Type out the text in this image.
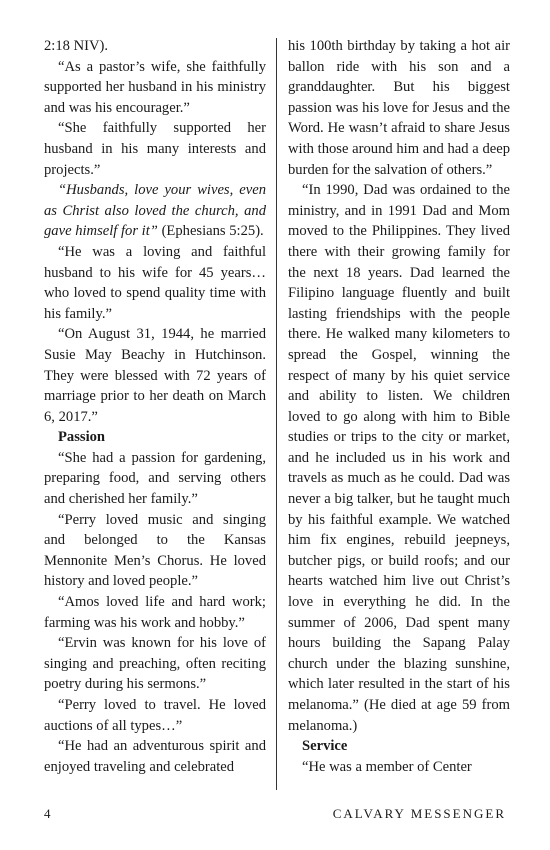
2:18 NIV).

“As a pastor’s wife, she faithfully supported her husband in his ministry and was his encourager.”

“She faithfully supported her husband in his many interests and projects.”

“Husbands, love your wives, even as Christ also loved the church, and gave himself for it” (Ephesians 5:25).

“He was a loving and faithful husband to his wife for 45 years… who loved to spend quality time with his family.”

“On August 31, 1944, he married Susie May Beachy in Hutchinson. They were blessed with 72 years of marriage prior to her death on March 6, 2017.”

Passion

“She had a passion for gardening, preparing food, and serving others and cherished her family.”

“Perry loved music and singing and belonged to the Kansas Mennonite Men’s Chorus. He loved history and loved people.”

“Amos loved life and hard work; farming was his work and hobby.”

“Ervin was known for his love of singing and preaching, often reciting poetry during his sermons.”

“Perry loved to travel. He loved auctions of all types…”

“He had an adventurous spirit and enjoyed traveling and celebrated

his 100th birthday by taking a hot air ballon ride with his son and a granddaughter. But his biggest passion was his love for Jesus and the Word. He wasn’t afraid to share Jesus with those around him and had a deep burden for the salvation of others.”

“In 1990, Dad was ordained to the ministry, and in 1991 Dad and Mom moved to the Philippines. They lived there with their growing family for the next 18 years. Dad learned the Filipino language fluently and built lasting friendships with the people there. He walked many kilometers to spread the Gospel, winning the respect of many by his quiet service and ability to listen. We children loved to go along with him to Bible studies or trips to the city or market, and he included us in his work and travels as much as he could. Dad was never a big talker, but he taught much by his faithful example. We watched him fix engines, rebuild jeepneys, butcher pigs, or build roofs; and our hearts watched him live out Christ’s love in everything he did. In the summer of 2006, Dad spent many hours building the Sapang Palay church under the blazing sunshine, which later resulted in the start of his melanoma.” (He died at age 59 from melanoma.)

Service

“He was a member of Center

4	CALVARY MESSENGER
